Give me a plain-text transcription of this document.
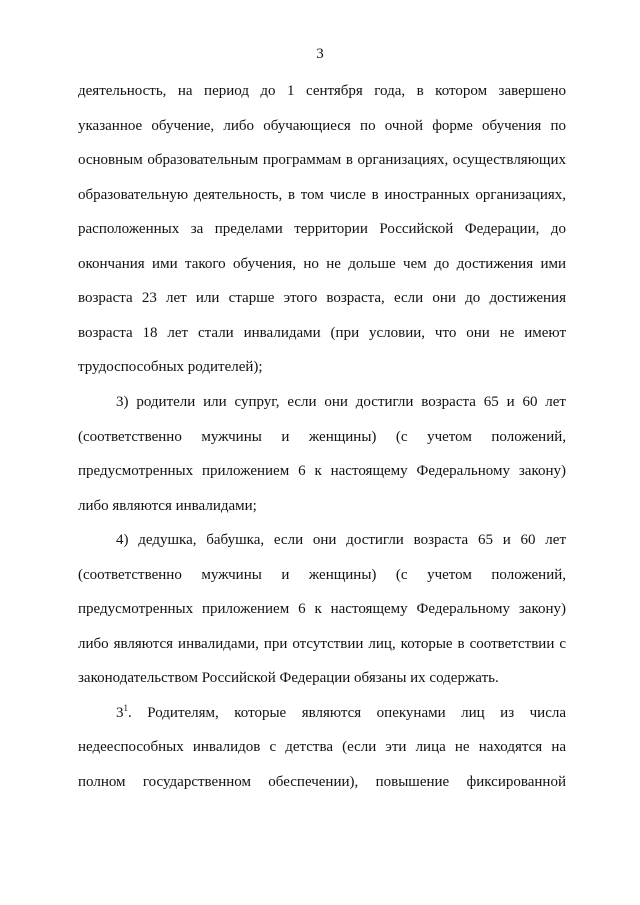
3
деятельность, на период до 1 сентября года, в котором завершено
указанное обучение, либо обучающиеся по очной форме обучения по
основным образовательным программам в организациях, осуществляющих
образовательную деятельность, в том числе в иностранных организациях,
расположенных за пределами территории Российской Федерации, до
окончания ими такого обучения, но не дольше чем до достижения ими
возраста 23 лет или старше этого возраста, если они до достижения
возраста 18 лет стали инвалидами (при условии, что они не имеют
трудоспособных родителей);
3) родители или супруг, если они достигли возраста 65 и 60 лет
(соответственно мужчины и женщины) (с учетом положений,
предусмотренных приложением 6 к настоящему Федеральному закону)
либо являются инвалидами;
4) дедушка, бабушка, если они достигли возраста 65 и 60 лет
(соответственно мужчины и женщины) (с учетом положений,
предусмотренных приложением 6 к настоящему Федеральному закону)
либо являются инвалидами, при отсутствии лиц, которые в соответствии с
законодательством Российской Федерации обязаны их содержать.
$3^1$. Родителям, которые являются опекунами лиц из числа
недееспособных инвалидов с детства (если эти лица не находятся на
полном государственном обеспечении), повышение фиксированной
